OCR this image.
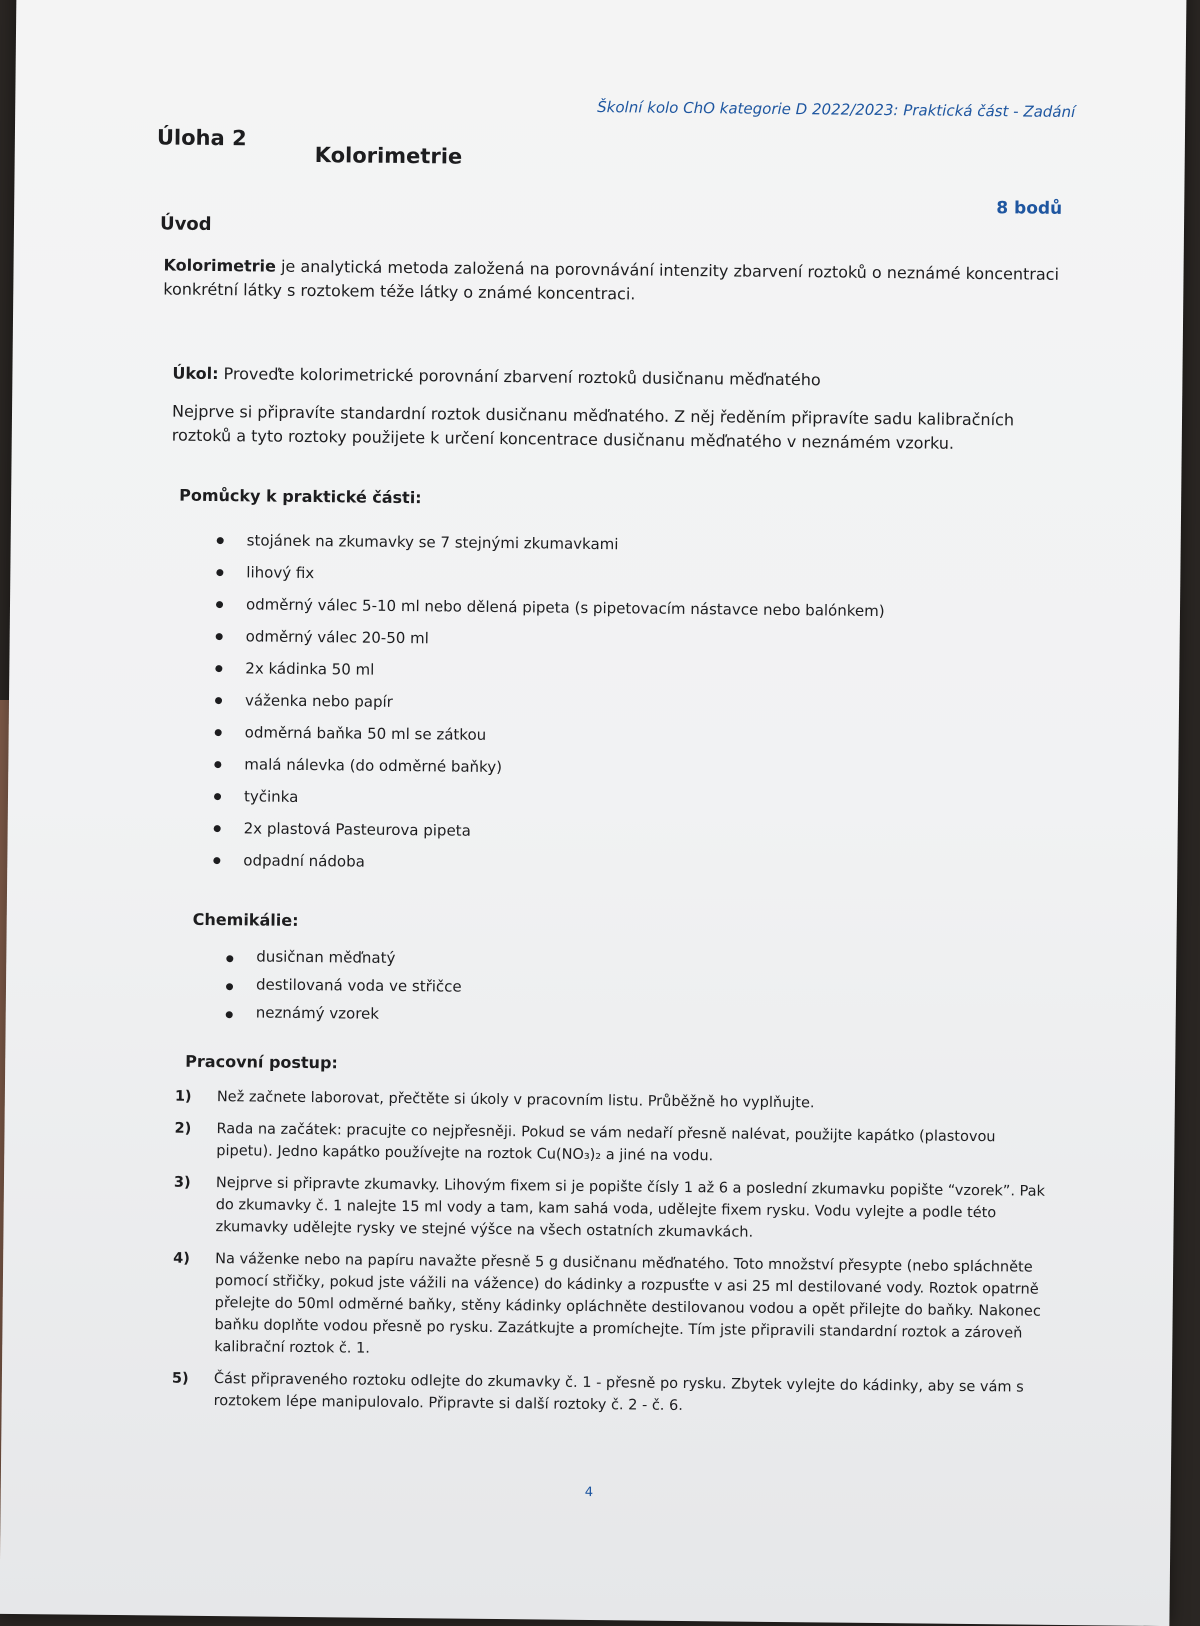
Školní kolo ChO kategorie D 2022/2023: Praktická část - Zadání
Úloha 2
Kolorimetrie
8 bodů
Úvod
Kolorimetrie je analytická metoda založená na porovnávání intenzity zbarvení roztoků o neznámé koncentraci konkrétní látky s roztokem téže látky o známé koncentraci.
Úkol: Proveďte kolorimetrické porovnání zbarvení roztoků dusičnanu měďnatého
Nejprve si připravíte standardní roztok dusičnanu měďnatého. Z něj ředěním připravíte sadu kalibračních roztoků a tyto roztoky použijete k určení koncentrace dusičnanu měďnatého v neznámém vzorku.
Pomůcky k praktické části:
stojánek na zkumavky se 7 stejnými zkumavkami
lihový fix
odměrný válec 5-10 ml nebo dělená pipeta (s pipetovacím nástavce nebo balónkem)
odměrný válec 20-50 ml
2x kádinka 50 ml
váženka nebo papír
odměrná baňka 50 ml se zátkou
malá nálevka (do odměrné baňky)
tyčinka
2x plastová Pasteurova pipeta
odpadní nádoba
Chemikálie:
dusičnan měďnatý
destilovaná voda ve střičce
neznámý vzorek
Pracovní postup:
1) Než začnete laborovat, přečtěte si úkoly v pracovním listu. Průběžně ho vyplňujte.
2) Rada na začátek: pracujte co nejpřesněji. Pokud se vám nedaří přesně nalévat, použijte kapátko (plastovou pipetu). Jedno kapátko používejte na roztok Cu(NO₃)₂ a jiné na vodu.
3) Nejprve si připravte zkumavky. Lihovým fixem si je popište čísly 1 až 6 a poslední zkumavku popište “vzorek”. Pak do zkumavky č. 1 nalejte 15 ml vody a tam, kam sahá voda, udělejte fixem rysku. Vodu vylejte a podle této zkumavky udělejte rysky ve stejné výšce na všech ostatních zkumavkách.
4) Na váženke nebo na papíru navažte přesně 5 g dusičnanu měďnatého. Toto množství přesypte (nebo spláchněte pomocí střičky, pokud jste vážili na vážence) do kádinky a rozpusťte v asi 25 ml destilované vody. Roztok opatrně přelejte do 50ml odměrné baňky, stěny kádinky opláchněte destilovanou vodou a opět přilejte do baňky. Nakonec baňku doplňte vodou přesně po rysku. Zazátkujte a promíchejte. Tím jste připravili standardní roztok a zároveň kalibrační roztok č. 1.
5) Část připraveného roztoku odlejte do zkumavky č. 1 - přesně po rysku. Zbytek vylejte do kádinky, aby se vám s roztokem lépe manipulovalo. Připravte si další roztoky č. 2 - č. 6.
4
